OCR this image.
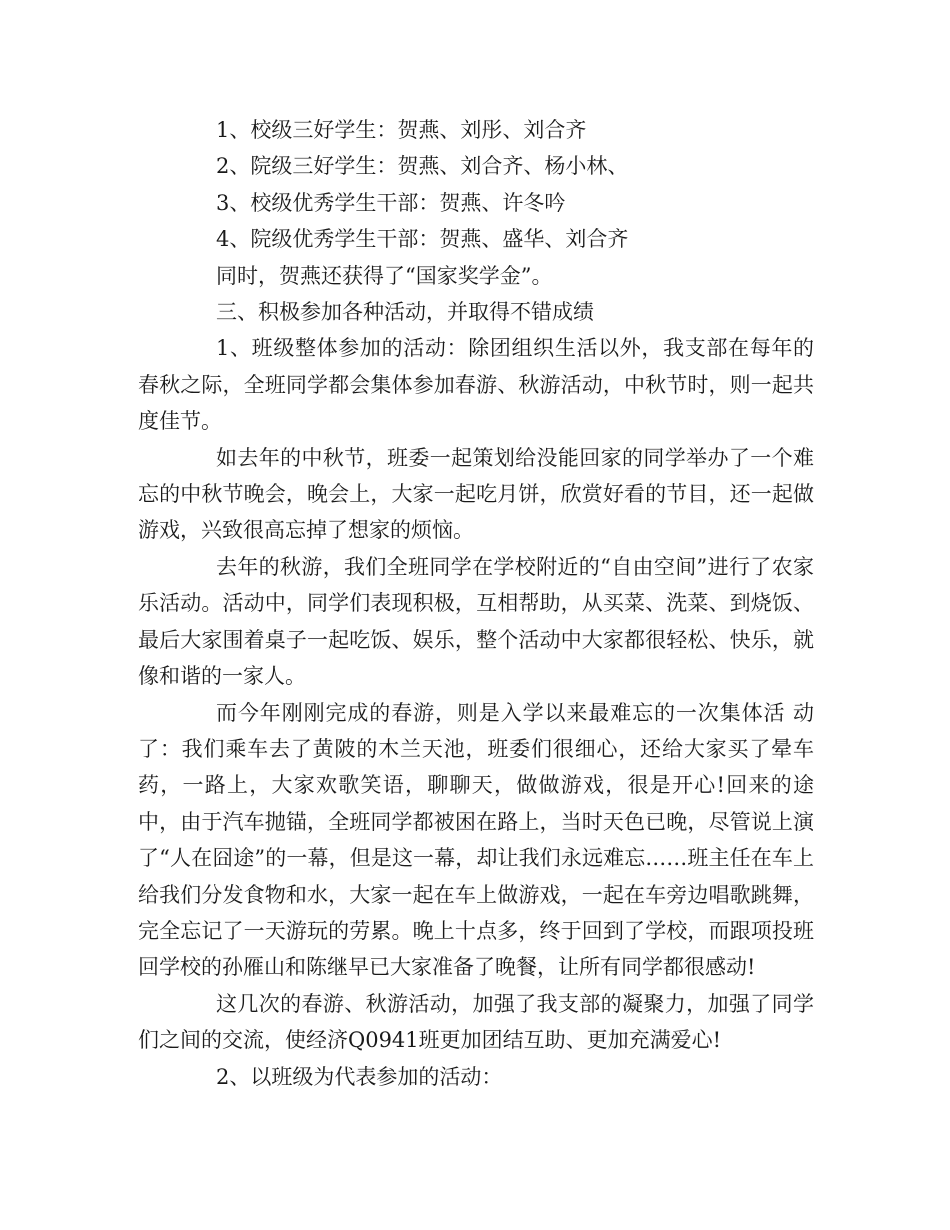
1、校级三好学生：贺燕、刘彤、刘合齐

2、院级三好学生：贺燕、刘合齐、杨小林、

3、校级优秀学生干部：贺燕、许冬吟

4、院级优秀学生干部：贺燕、盛华、刘合齐

同时，贺燕还获得了“国家奖学金”。

三、积极参加各种活动，并取得不错成绩

1、班级整体参加的活动：除团组织生活以外，我支部在每年的春秋之际，全班同学都会集体参加春游、秋游活动，中秋节时，则一起共度佳节。

如去年的中秋节，班委一起策划给没能回家的同学举办了一个难忘的中秋节晚会，晚会上，大家一起吃月饼，欣赏好看的节目，还一起做游戏，兴致很高忘掉了想家的烦恼。

去年的秋游，我们全班同学在学校附近的“自由空间”进行了农家乐活动。活动中，同学们表现积极，互相帮助，从买菜、洗菜、到烧饭、最后大家围着桌子一起吃饭、娱乐，整个活动中大家都很轻松、快乐，就像和谐的一家人。

而今年刚刚完成的春游，则是入学以来最难忘的一次集体活 动了：我们乘车去了黄陂的木兰天池，班委们很细心，还给大家买了晕车药，一路上，大家欢歌笑语，聊聊天，做做游戏，很是开心!回来的途中，由于汽车抛锚，全班同学都被困在路上，当时天色已晚，尽管说上演了“人在囧途”的一幕，但是这一幕，却让我们永远难忘……班主任在车上给我们分发食物和水，大家一起在车上做游戏，一起在车旁边唱歌跳舞，完全忘记了一天游玩的劳累。晚上十点多，终于回到了学校，而跟项投班回学校的孙雁山和陈继早已大家准备了晚餐，让所有同学都很感动!

这几次的春游、秋游活动，加强了我支部的凝聚力，加强了同学们之间的交流，使经济Q0941班更加团结互助、更加充满爱心!

2、以班级为代表参加的活动：
